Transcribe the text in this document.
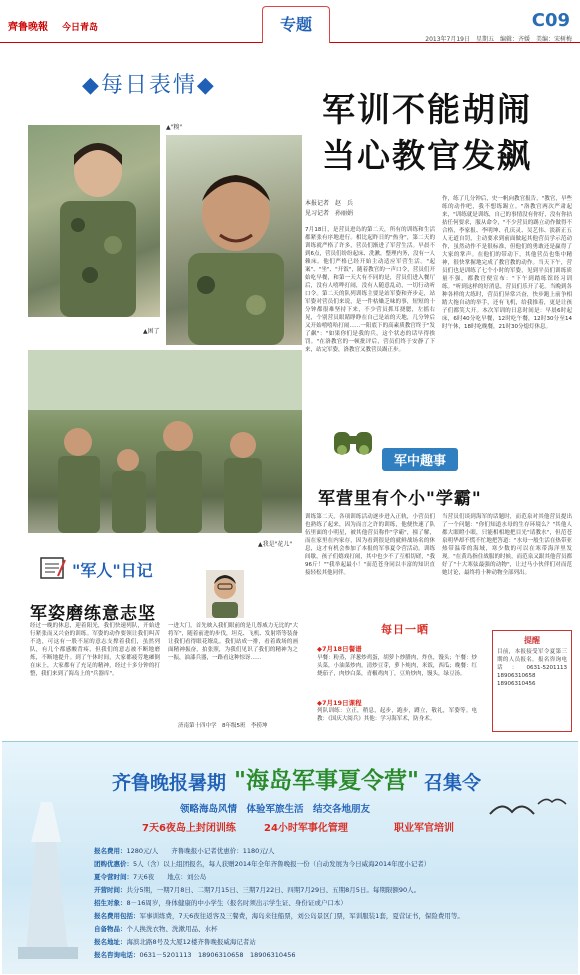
齊鲁晚報 今日青岛	专题	C09
2013年7月19日　星期五　编辑：齐媛　美编：宋树梅
◆每日表情◆
▲"糗"
▲困了
▲我是"花儿"
军训不能胡闹
当心教官发飙
本报记者　赵　兵
见习记者　孙丽娟
7月18日，是营员进岛的第二天，所有的训练和生活都紧张有序地进行。相比起昨日的"热身"，第二天的训练就严格了许多，营员们渐进了军营生活。早晨不到6点，营员们纷纷起床、洗漱，整理内务，没有一人赖床。他们严格已经开始主动适应军营生活。"起案"、"坐"、"开饭"，随着教官的一声口令，营员们开始吃早餐，和第一天大有不同的是，营员们进入餐厅后，没有人嘻哗打闹，没有人随意乱动，一切行动听口令。第二天的队列训练主要是站军姿和齐步走，站军姿对营员们来说，是一件枯燥乏味的事，短短的十分钟都很难坚持下来，不少营员抓耳挠腮，左摇右晃，个别营员眼睛睁睁在自己是站的天地，几分钟后又开始嘻嘻哈打闹……一阳底下的高素质教官终于"发了飙"："如果你们是我的兵，这个状态的话早得挨罚。"在洛教官的一顿批评后，营员们终于安静了下来，站完军姿，洛教官又教营员踢正步。
作，练了几分钟后，史一帆向教官报告，"教官，早些练的动作吧，我不想练踢立。"洛教官两次严肃起来，"训练就是训练，自己的事情没有你好，没有你拈拈任何要求，服从命令，"不少营员的踢立动作做得不合格，李家报、李明坤、孔庆灵、吴艺伟、淡新正五人无道自罚，主动要求到前面做起其他营员学示范动作，虽然动作不是很标准，但他们的勇敢还是赢得了大家的掌声。在他们的带动下，其他营员也集中精神，很快掌握地完成了教官教的动作。当天下午，营员们也是训练了七个小时的军姿，见到平员们训练质量不强，都教官便宣布："下午到踏练馆经习训练。"听到这样的好消息，营员们乐开了花。当晚到各种各样的大练时，营员们异常兴奋，快步跑上前争相踏大拖自动的举手，还有飞机，给我推着，更是让孩子们都笑大开。本次军训的日息时间是：早晨6时起床，6时40分吃早餐，12时吃午餐，12时30分至14时午休，18时吃晚餐，21时30分熄灯休息。
军中趣事
军营里有个小"学霸"
训练第二天，各项训练活动逐步进入正轨，小营员们也熟练了起来，因为而言之许的训练，他便快速了队伍里面的小明星，被其他营员称作"学霸"，撞了解，而在家里在内家存，因为看到很是的就鲜战场名的休息，这才有机会参加了本报的军事夏令营活动。训练间歇，孩子们嬉戏打闹，其中也少不了互相切磋，"我96斤！""我举起最小！"而范苍身同以丰富的知识直接轻松其他同伴。
当营员们谈到海军的话题时，而范泉对其他营员提出了一个问题："你们知道水母的生存环境么？"其他人都大眼瞪小眼，只能相相地把目光"请教水"，但范苍泉明华却不慌不忙地把答道："水母一般生活在热带亚热带温带的海域，寒少数的可以在寒带海洋里发现。"在黄岛指住战服的时候，而范泉又跟其他营员都好了"十大寒弦最强的动物"，让过马小伙伴们对而范她讨论，最终将十种动物全部列出。
"军人"日记
军姿磨练意志坚
经过一晚的休息，迎着阳光，我们快速列队，开始进行紧张而又兴奋的训练。军姿的动作要领让我们叫苦不迭，可这有一股不屈的意志支撑着我们，虽然列队，有几个都感酸背疼，但我们的意志被不断地磨炼，不断地提升。到了午休时间，大家都疲劳地瘫倒在床上，大家都有了充足的精神，经过十多分钟的打整，我们来到了海岛上的"兵器库"。
一进大门，首先映入我们眼前的是几尊威力无比的"大将军"，随着前进的步伐，坦克、飞机、发射塔等装备让我们看得眼花缭乱。我们站成一排，看着战场的画面精神振奋，拍张照，为我们见识了我们的精神为之一振，油漆兵器，一路看这种惊讶……
济南第十四中学　8年级5班　李捞坤
每日一晒
◆7月18日餐谱
早餐：粉蒸，洋葱炒鸡蛋，胡萝卜炒腊肉，炸鱼，馒头；午餐：炒头菜，小油菜炒肉，清炒豆芽，萝卜炖肉，米饭，西瓜；晚餐：红烧茄子，肉炒白菜，青椒鸡肉丁，豆角炒肉，馒头，绿豆汤。
◆7月19日课程
列队训练：立正，稍息，起步，跑步，蹲立，敬礼，军姿等。电教：《国庆大阅兵》其他：学习海军术，防身术。
提醒
目前，本报接受军令夏第三期的人员报名。报名咨询电话：0631-5201113　18906310658　18906310456
齐鲁晚报暑期 "海岛军事夏令营" 召集令
领略海岛风情　体验军旅生活　结交各地朋友
7天6夜岛上封闭训练	24小时军事化管理	职业军官培训
报名费用：1280元/人　　齐鲁晚报小记者优惠价：1180元/人
团购优惠价：5人（含）以上组团报名，每人获赠2014年全年齐鲁晚报一份（自动发展为今日威海2014年度小记者）
夏令营时间：7天6夜　　地点：刘公岛
开营时间：共分5期，一期7月8日、二期7月15日、三期7月22日、四期7月29日、五期8月5日。每期限额90人。
招生对象：8－16周岁，身体健康的中小学生（报名时须出示学生证、身份证或户口本）
报名费用包括：军事训练费，7天6夜往返客及三餐费，海岛来往船票，刘公岛景区门票，军训服装1套，夏营证书，保险费用等。
自备物品：个人换洗衣物、洗漱用品、水杯
报名地址：海滨北路8号及大厦12楼齐鲁晚报威海记者站
报名咨询电话：0631－5201113　18906310658　18906310456
